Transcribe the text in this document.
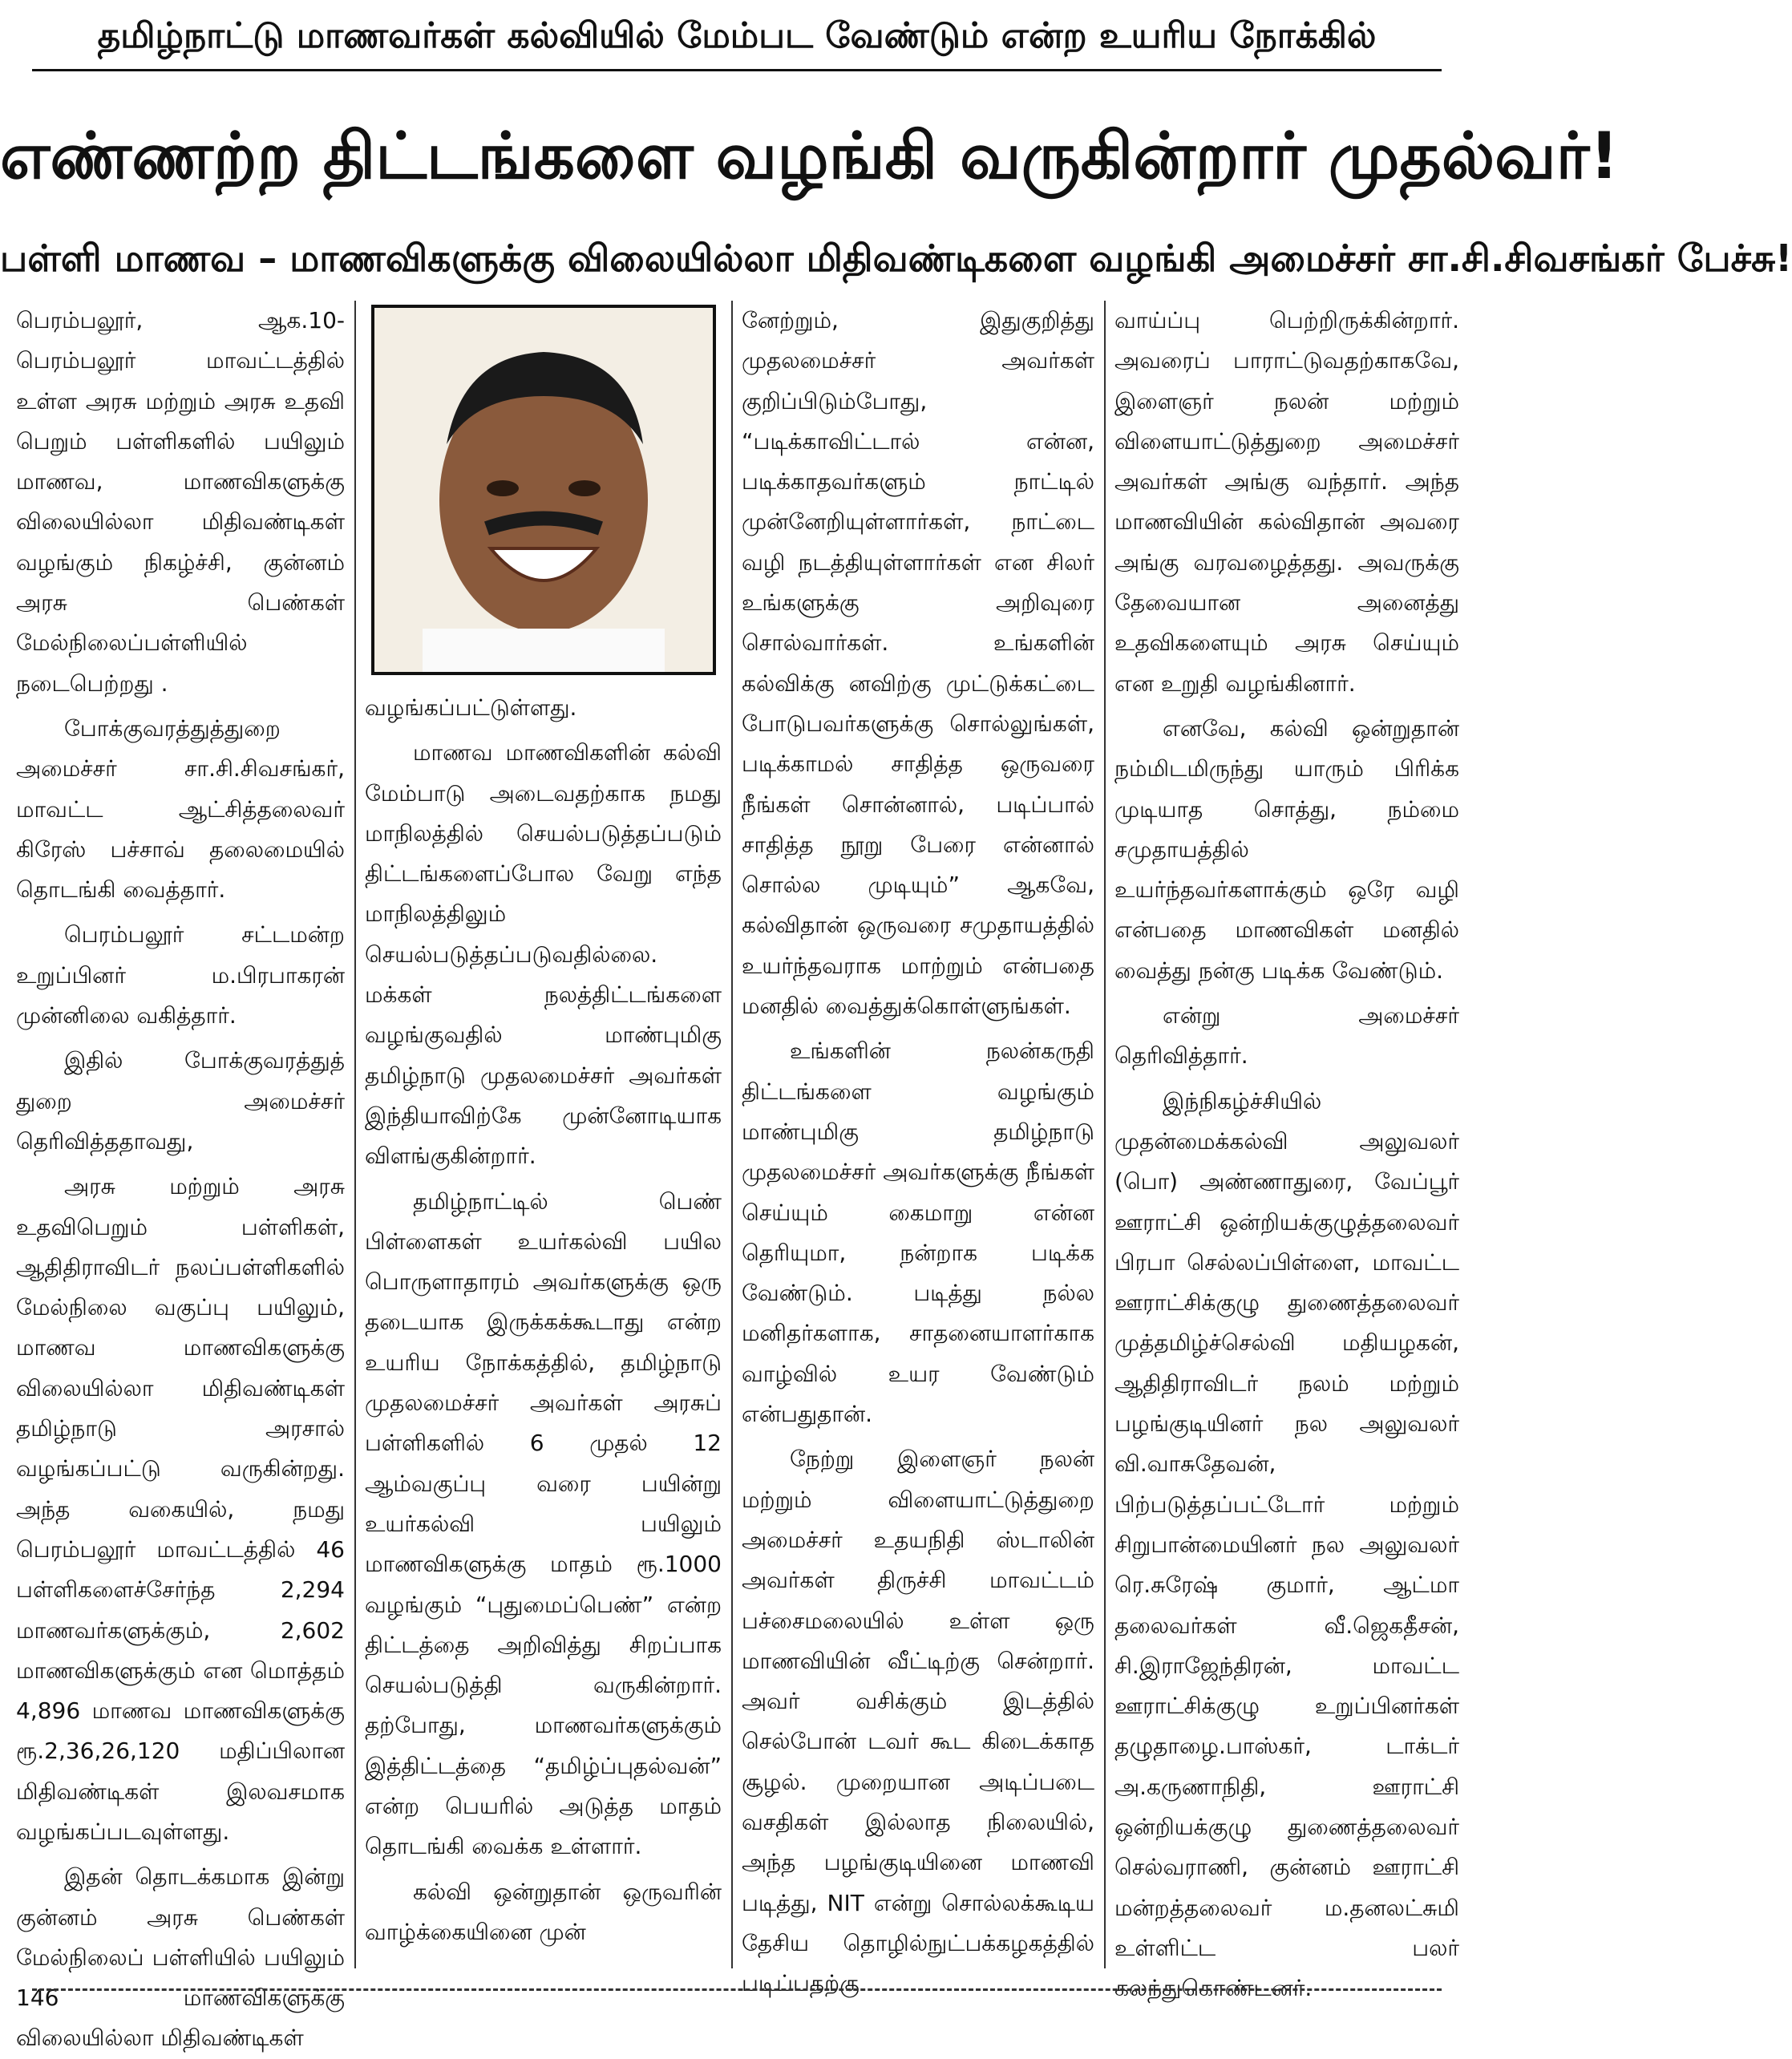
தமிழ்நாட்டு மாணவர்கள் கல்வியில் மேம்பட வேண்டும் என்ற உயரிய நோக்கில்
எண்ணற்ற திட்டங்களை வழங்கி வருகின்றார் முதல்வர்!
பள்ளி மாணவ – மாணவிகளுக்கு விலையில்லா மிதிவண்டிகளை வழங்கி அமைச்சர் சா.சி.சிவசங்கர் பேச்சு!

பெரம்பலூர், ஆக.10- பெரம்பலூர் மாவட்டத்தில் உள்ள அரசு மற்றும் அரசு உதவி பெறும் பள்ளிகளில் பயிலும் மாணவ, மாணவிகளுக்கு விலையில்லா மிதிவண்டிகள் வழங்கும் நிகழ்ச்சி, குன்னம் அரசு பெண்கள் மேல்நிலைப்பள்ளியில் நடைபெற்றது .

போக்குவரத்துத்துறை அமைச்சர் சா.சி.சிவசங்கர், மாவட்ட ஆட்சித்தலைவர் கிரேஸ் பச்சாவ் தலைமையில் தொடங்கி வைத்தார்.

பெரம்பலூர் சட்டமன்ற உறுப்பினர் ம.பிரபாகரன் முன்னிலை வகித்தார்.

இதில் போக்குவரத்துத் துறை அமைச்சர் தெரிவித்ததாவது,

அரசு மற்றும் அரசு உதவிபெறும் பள்ளிகள், ஆதிதிராவிடர் நலப்பள்ளிகளில் மேல்நிலை வகுப்பு பயிலும், மாணவ மாணவிகளுக்கு விலையில்லா மிதிவண்டிகள் தமிழ்நாடு அரசால் வழங்கப்பட்டு வருகின்றது. அந்த வகையில், நமது பெரம்பலூர் மாவட்டத்தில் 46 பள்ளிகளைச்சேர்ந்த 2,294 மாணவர்களுக்கும், 2,602 மாணவிகளுக்கும் என மொத்தம் 4,896 மாணவ மாணவிகளுக்கு ரூ.2,36,26,120 மதிப்பிலான மிதிவண்டிகள் இலவசமாக வழங்கப்படவுள்ளது.

இதன் தொடக்கமாக இன்று குன்னம் அரசு பெண்கள் மேல்நிலைப் பள்ளியில் பயிலும் 146 மாணவிகளுக்கு விலையில்லா மிதிவண்டிகள்

வழங்கப்பட்டுள்ளது.

மாணவ மாணவிகளின் கல்வி மேம்பாடு அடைவதற்காக நமது மாநிலத்தில் செயல்படுத்தப்படும் திட்டங்களைப்போல வேறு எந்த மாநிலத்திலும் செயல்படுத்தப்படுவதில்லை. மக்கள் நலத்திட்டங்களை வழங்குவதில் மாண்புமிகு தமிழ்நாடு முதலமைச்சர் அவர்கள் இந்தியாவிற்கே முன்னோடியாக விளங்குகின்றார்.

தமிழ்நாட்டில் பெண் பிள்ளைகள் உயர்கல்வி பயில பொருளாதாரம் அவர்களுக்கு ஒரு தடையாக இருக்கக்கூடாது என்ற உயரிய நோக்கத்தில், தமிழ்நாடு முதலமைச்சர் அவர்கள் அரசுப் பள்ளிகளில் 6 முதல் 12 ஆம்வகுப்பு வரை பயின்று உயர்கல்வி பயிலும் மாணவிகளுக்கு மாதம் ரூ.1000 வழங்கும் “புதுமைப்பெண்” என்ற திட்டத்தை அறிவித்து சிறப்பாக செயல்படுத்தி வருகின்றார். தற்போது, மாணவர்களுக்கும் இத்திட்டத்தை “தமிழ்ப்புதல்வன்” என்ற பெயரில் அடுத்த மாதம் தொடங்கி வைக்க உள்ளார்.

கல்வி ஒன்றுதான் ஒருவரின் வாழ்க்கையினை முன்

னேற்றும், இதுகுறித்து முதலமைச்சர் அவர்கள் குறிப்பிடும்போது, “படிக்காவிட்டால் என்ன, படிக்காதவர்களும் நாட்டில் முன்னேறியுள்ளார்கள், நாட்டை வழி நடத்தியுள்ளார்கள் என சிலர் உங்களுக்கு அறிவுரை சொல்வார்கள். உங்களின் கல்விக்கு னவிற்கு முட்டுக்கட்டை போடுபவர்களுக்கு சொல்லுங்கள், படிக்காமல் சாதித்த ஒருவரை நீங்கள் சொன்னால், படிப்பால் சாதித்த நூறு பேரை என்னால் சொல்ல முடியும்” ஆகவே, கல்விதான் ஒருவரை சமுதாயத்தில் உயர்ந்தவராக மாற்றும் என்பதை மனதில் வைத்துக்கொள்ளுங்கள்.

உங்களின் நலன்கருதி திட்டங்களை வழங்கும் மாண்புமிகு தமிழ்நாடு முதலமைச்சர் அவர்களுக்கு நீங்கள் செய்யும் கைமாறு என்ன தெரியுமா, நன்றாக படிக்க வேண்டும். படித்து நல்ல மனிதர்களாக, சாதனையாளர்காக வாழ்வில் உயர வேண்டும் என்பதுதான்.

நேற்று இளைஞர் நலன் மற்றும் விளையாட்டுத்துறை அமைச்சர் உதயநிதி ஸ்டாலின் அவர்கள் திருச்சி மாவட்டம் பச்சைமலையில் உள்ள ஒரு மாணவியின் வீட்டிற்கு சென்றார். அவர் வசிக்கும் இடத்தில் செல்போன் டவர் கூட கிடைக்காத சூழல். முறையான அடிப்படை வசதிகள் இல்லாத நிலையில், அந்த பழங்குடியினை மாணவி படித்து, NIT என்று சொல்லக்கூடிய தேசிய தொழில்நுட்பக்கழகத்தில் படிப்பதற்கு

வாய்ப்பு பெற்றிருக்கின்றார். அவரைப் பாராட்டுவதற்காகவே, இளைஞர் நலன் மற்றும் விளையாட்டுத்துறை அமைச்சர் அவர்கள் அங்கு வந்தார். அந்த மாணவியின் கல்விதான் அவரை அங்கு வரவழைத்தது. அவருக்கு தேவையான அனைத்து உதவிகளையும் அரசு செய்யும் என உறுதி வழங்கினார்.

எனவே, கல்வி ஒன்றுதான் நம்மிடமிருந்து யாரும் பிரிக்க முடியாத சொத்து, நம்மை சமுதாயத்தில் உயர்ந்தவர்களாக்கும் ஒரே வழி என்பதை மாணவிகள் மனதில் வைத்து நன்கு படிக்க வேண்டும்.

என்று அமைச்சர் தெரிவித்தார்.

இந்நிகழ்ச்சியில் முதன்மைக்கல்வி அலுவலர் (பொ) அண்ணாதுரை, வேப்பூர் ஊராட்சி ஒன்றியக்குழுத்தலைவர் பிரபா செல்லப்பிள்ளை, மாவட்ட ஊராட்சிக்குழு துணைத்தலைவர் முத்தமிழ்ச்செல்வி மதியழகன், ஆதிதிராவிடர் நலம் மற்றும் பழங்குடியினர் நல அலுவலர் வி.வாசுதேவன், பிற்படுத்தப்பட்டோர் மற்றும் சிறுபான்மையினர் நல அலுவலர் ரெ.சுரேஷ் குமார், ஆட்மா தலைவர்கள் வீ.ஜெகதீசன், சி.இராஜேந்திரன், மாவட்ட ஊராட்சிக்குழு உறுப்பினர்கள் தழுதாழை.பாஸ்கர், டாக்டர் அ.கருணாநிதி, ஊராட்சி ஒன்றியக்குழு துணைத்தலைவர் செல்வராணி, குன்னம் ஊராட்சி மன்றத்தலைவர் ம.தனலட்சுமி உள்ளிட்ட பலர் கலந்துகொண்டனர்.
